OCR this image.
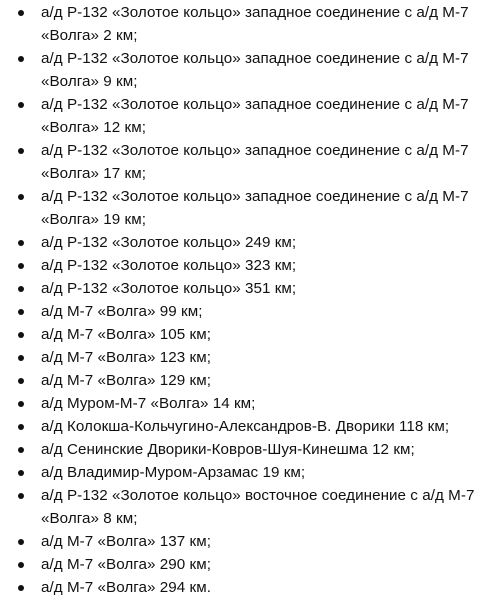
а/д Р-132 «Золотое кольцо» западное соединение с а/д М-7 «Волга» 2 км;
а/д Р-132 «Золотое кольцо» западное соединение с а/д М-7 «Волга» 9 км;
а/д Р-132 «Золотое кольцо» западное соединение с а/д М-7 «Волга» 12 км;
а/д Р-132 «Золотое кольцо» западное соединение с а/д М-7 «Волга» 17 км;
а/д Р-132 «Золотое кольцо» западное соединение с а/д М-7 «Волга» 19 км;
а/д Р-132 «Золотое кольцо» 249 км;
а/д Р-132 «Золотое кольцо» 323 км;
а/д Р-132 «Золотое кольцо» 351 км;
а/д М-7 «Волга» 99 км;
а/д М-7 «Волга» 105 км;
а/д М-7 «Волга» 123 км;
а/д М-7 «Волга» 129 км;
а/д Муром-М-7 «Волга» 14 км;
а/д Колокша-Кольчугино-Александров-В. Дворики 118 км;
а/д Сенинские Дворики-Ковров-Шуя-Кинешма 12 км;
а/д Владимир-Муром-Арзамас 19 км;
а/д Р-132 «Золотое кольцо» восточное соединение с а/д М-7 «Волга» 8 км;
а/д М-7 «Волга» 137 км;
а/д М-7 «Волга» 290 км;
а/д М-7 «Волга» 294 км.
